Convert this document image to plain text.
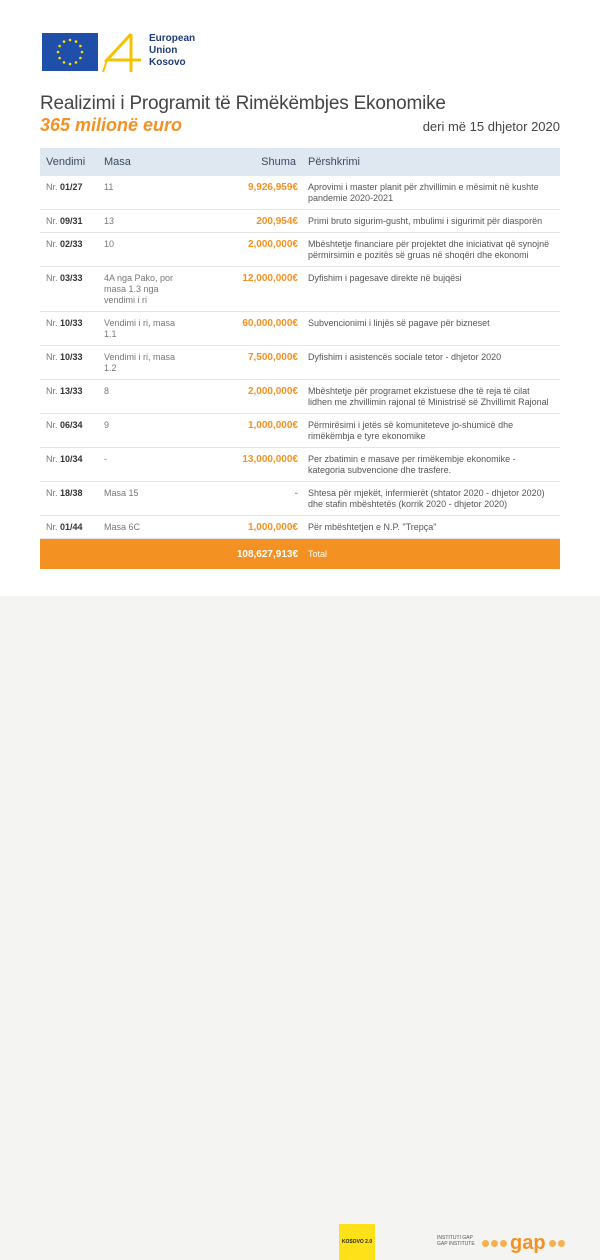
European
Union
Kosovo
Realizimi i Programit të Rimëkëmbjes Ekonomike
365 milionë euro	deri më 15 dhjetor 2020
Vendimi	Masa	Shuma	Përshkrimi
Nr. 01/27	11	9,926,959€	Aprovimi i master planit për zhvillimin e mësimit në kushte pandemie 2020-2021
Nr. 09/31	13	200,954€	Primi bruto sigurim-gusht, mbulimi i sigurimit për diasporën
Nr. 02/33	10	2,000,000€	Mbështetje financiare për projektet dhe iniciativat që synojnë përmirsimin e pozitës së gruas në shoqëri dhe ekonomi
Nr. 03/33	4A nga Pako, por masa 1.3 nga vendimi i ri	12,000,000€	Dyfishim i pagesave direkte në bujqësi
Nr. 10/33	Vendimi i ri, masa 1.1	60,000,000€	Subvencionimi i linjës së pagave për bizneset
Nr. 10/33	Vendimi i ri, masa 1.2	7,500,000€	Dyfishim i asistencës sociale tetor - dhjetor 2020
Nr. 13/33	8	2,000,000€	Mbështetje për programet ekzistuese dhe të reja të cilat lidhen me zhvillimin rajonal të Ministrisë së Zhvillimit Rajonal
Nr. 06/34	9	1,000,000€	Përmirësimi i jetës së komuniteteve jo-shumicë dhe rimëkëmbja e tyre ekonomike
Nr. 10/34	-	13,000,000€	Per zbatimin e masave per rimëkembje ekonomike - kategoria subvencione dhe trasfere.
Nr. 18/38	Masa 15	-	Shtesa për mjekët, infermierët (shtator 2020 - dhjetor 2020) dhe stafin mbështetës (korrik 2020 - dhjetor 2020)
Nr. 01/44	Masa 6C	1,000,000€	Për mbështetjen e N.P. "Trepça"
		108,627,913€	Total
KOSOVO 2.0
INSTITUTI GAP
GAP INSTITUTE gap
